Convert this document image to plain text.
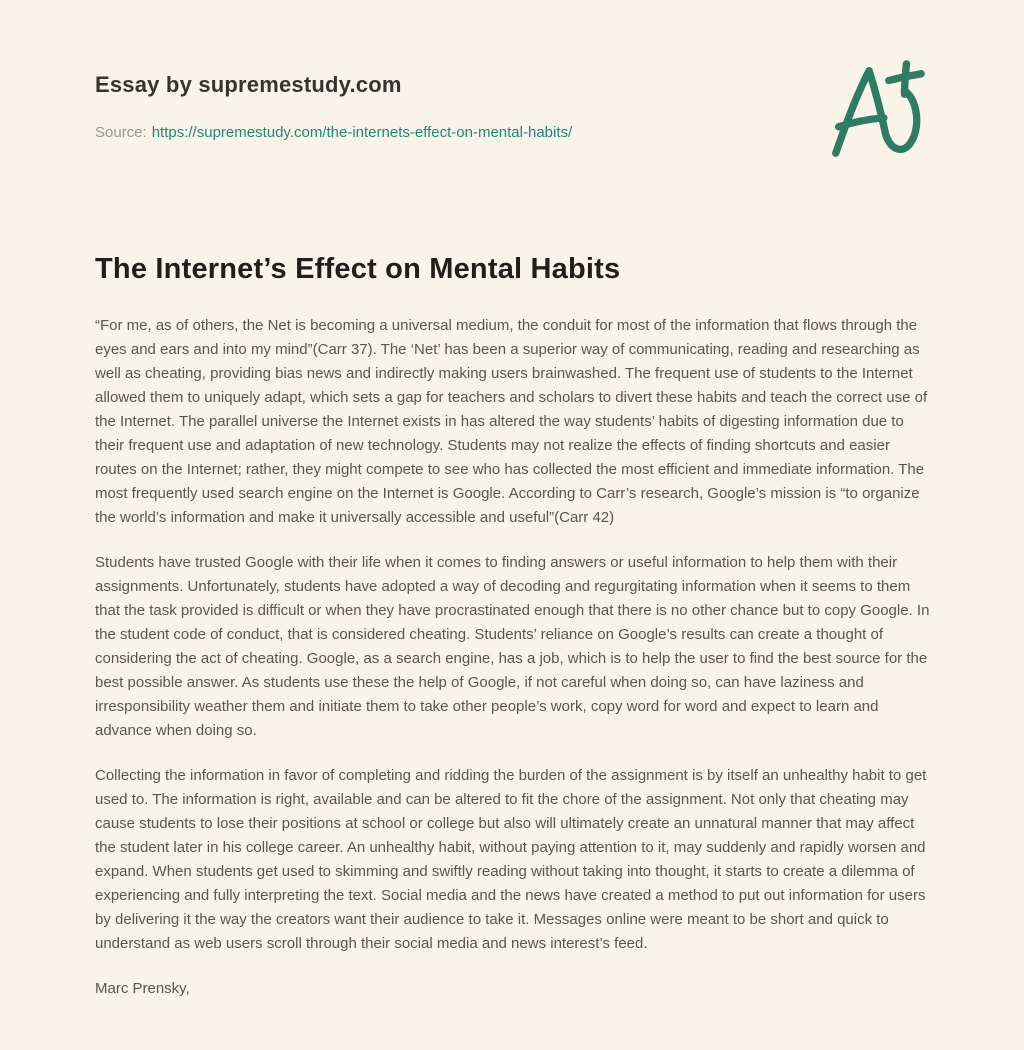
Essay by supremestudy.com
Source: https://supremestudy.com/the-internets-effect-on-mental-habits/
The Internet’s Effect on Mental Habits

“For me, as of others, the Net is becoming a universal medium, the conduit for most of the information that flows through the eyes and ears and into my mind”(Carr 37). The ‘Net’ has been a superior way of communicating, reading and researching as well as cheating, providing bias news and indirectly making users brainwashed. The frequent use of students to the Internet allowed them to uniquely adapt, which sets a gap for teachers and scholars to divert these habits and teach the correct use of the Internet. The parallel universe the Internet exists in has altered the way students’ habits of digesting information due to their frequent use and adaptation of new technology. Students may not realize the effects of finding shortcuts and easier routes on the Internet; rather, they might compete to see who has collected the most efficient and immediate information. The most frequently used search engine on the Internet is Google. According to Carr’s research, Google’s mission is “to organize the world’s information and make it universally accessible and useful”(Carr 42)

Students have trusted Google with their life when it comes to finding answers or useful information to help them with their assignments. Unfortunately, students have adopted a way of decoding and regurgitating information when it seems to them that the task provided is difficult or when they have procrastinated enough that there is no other chance but to copy Google. In the student code of conduct, that is considered cheating. Students’ reliance on Google’s results can create a thought of considering the act of cheating. Google, as a search engine, has a job, which is to help the user to find the best source for the best possible answer. As students use these the help of Google, if not careful when doing so, can have laziness and irresponsibility weather them and initiate them to take other people’s work, copy word for word and expect to learn and advance when doing so.

Collecting the information in favor of completing and ridding the burden of the assignment is by itself an unhealthy habit to get used to. The information is right, available and can be altered to fit the chore of the assignment. Not only that cheating may cause students to lose their positions at school or college but also will ultimately create an unnatural manner that may affect the student later in his college career. An unhealthy habit, without paying attention to it, may suddenly and rapidly worsen and expand. When students get used to skimming and swiftly reading without taking into thought, it starts to create a dilemma of experiencing and fully interpreting the text. Social media and the news have created a method to put out information for users by delivering it the way the creators want their audience to take it. Messages online were meant to be short and quick to understand as web users scroll through their social media and news interest’s feed.

Marc Prensky,
